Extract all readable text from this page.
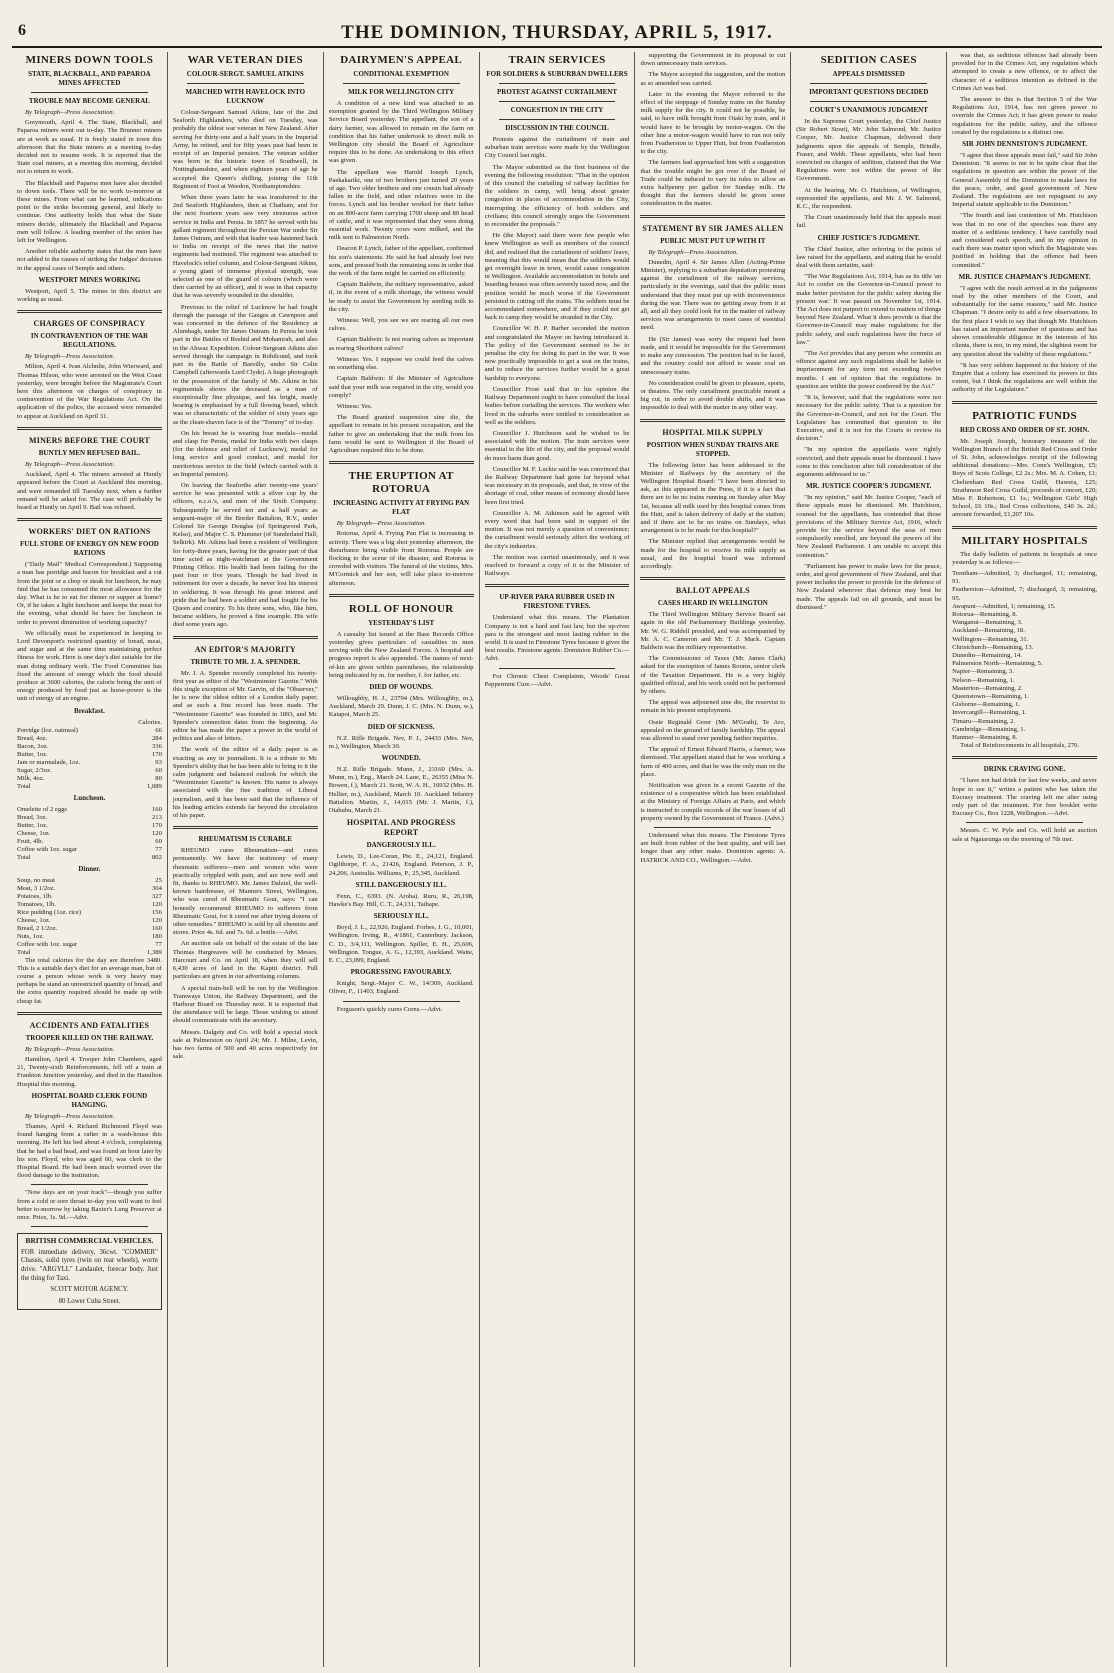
6	THE DOMINION, THURSDAY, APRIL 5, 1917.
MINERS DOWN TOOLS
STATE, BLACKBALL, AND PAPAROA MINES AFFECTED
TROUBLE MAY BECOME GENERAL

By Telegraph—Press Association.

Greymouth, April 4. The State, Blackball, and Paparoa miners went out to-day. The Brunner miners are at work as usual. It is freely stated in town this afternoon that the State miners at a meeting to-day decided not to resume work. It is reported that the State coal miners, at a meeting this morning, decided not to return to work.

The Blackball and Paparoa men have also decided to down tools. There will be no work to-morrow at these mines. From what can be learned, indications point to the strike becoming general, and likely to continue. One authority holds that what the State miners decide, ultimately the Blackball and Paparoa men will follow. A leading member of the union has left for Wellington.

Another reliable authority states that the men have not added to the causes of striking the Judges' decision in the appeal cases of Semple and others.

WESTPORT MINES WORKING

Westport, April 5. The mines in this district are working as usual.

CHARGES OF CONSPIRACY
IN CONTRAVENTION OF THE WAR REGULATIONS.

By Telegraph—Press Association.

Milton, April 4. Ivan Alchnlie, John Wierward, and Thomas Hilson, who were arrested on the West Coast yesterday, were brought before the Magistrate's Court here this afternoon on charges of conspiracy in contravention of the War Regulations Act. On the application of the police, the accused were remanded to appear at Auckland on April 31.

MINERS BEFORE THE COURT
BUNTLY MEN REFUSED BAIL.

By Telegraph—Press Association.

Auckland, April 4. The miners arrested at Huntly appeared before the Court at Auckland this morning, and were remanded till Tuesday next, when a further remand will be asked for. The case will probably be heard at Huntly on April 9. Bail was refused.

WORKERS' DIET ON RATIONS
FULL STORE OF ENERGY ON NEW FOOD RATIONS

("Daily Mail" Medical Correspondent.) Supposing a man has porridge and bacon for breakfast and a cut from the joint or a chop or steak for luncheon, he may find that he has consumed the most allowance for the day. What is he to eat for dinner or supper at home? Or, if he takes a light luncheon and keeps the meat for the evening, what should he have for luncheon in order to prevent diminution of working capacity?

We officially must be experienced in keeping to Lord Devonport's restricted quantity of bread, meat, and sugar and at the same time maintaining perfect fitness for work. Here is one day's diet suitable for the man doing ordinary work. The Food Committee has fixed the amount of energy which the food should produce at 3600 calories, the calorie being the unit of energy produced by food just as horse-power is the unit of energy of an engine.

Breakfast.
	Calories.
Porridge (loz. oatmeal)	66
Bread, 4oz.	284
Bacon, 3oz.	336
Butter, 1oz.	170
Jam or marmalade, 1oz.	93
Sugar, 2/3oz.	60
Milk, 4oz.	80
Total	1,089
Luncheon.
Omelette of 2 eggs	160
Bread, 3oz.	213
Butter, 1oz.	170
Cheese, 1oz.	120
Fruit, 4lb.	60
Coffee with 1oz. sugar	77
Total	802
Dinner.
Soup, no meat	25
Meat, 3 1/2oz.	304
Potatoes, 1lb.	327
Tomatoes, 1lb.	120
Rice pudding (1oz. rice)	156
Cheese, 1oz.	120
Bread, 2 1/2oz.	160
Nuts, 1oz.	180
Coffee with 1oz. sugar	77
Total	1,389

The total calories for the day are therefore 3480. This is a suitable day's diet for an average man, but of course a person whose work is very heavy may perhaps be stand an unrestricted quantity of bread, and the extra quantity required should be made up with cheap fat.

ACCIDENTS AND FATALITIES
TROOPER KILLED ON THE RAILWAY.

By Telegraph—Press Association.

Hamilton, April 4. Trooper John Chambers, aged 21, Twenty-sixth Reinforcements, fell off a train at Frankton Junction yesterday, and died in the Hamilton Hospital this morning.

HOSPITAL BOARD CLERK FOUND HANGING.

By Telegraph—Press Association.

Thames, April 4. Richard Richmond Floyd was found hanging from a rafter in a wash-house this morning. He left his bed about 4 o'clock, complaining that he had a bad head, and was found an hour later by his son. Floyd, who was aged 60, was clerk to the Hospital Board. He had been much worried over the flood damage to the institution.

"Now days are on your track"—though you suffer from a cold or sore throat to-day you will want to feel better to-morrow by taking Baxter's Lung Preserver at once. Price, 1s. 9d.—Advt.

BRITISH COMMERCIAL VEHICLES.
FOR immediate delivery, 36cwt. "COMMER" Chassis, solid tyres (twin on rear wheels), worm drive. "ARGYLL" Landaulet, forecar body. Just the thing for Taxi.
SCOTT MOTOR AGENCY.
80 Lower Cuba Street.
WAR VETERAN DIES
COLOUR-SERGT. SAMUEL ATKINS
MARCHED WITH HAVELOCK INTO LUCKNOW

Colour-Sergeant Samuel Atkins, late of the 2nd Seaforth Highlanders, who died on Tuesday, was probably the oldest war veteran in New Zealand. After serving for thirty-one and a half years in the Imperial Army, he retired, and for fifty years past had been in receipt of an Imperial pension. The veteran soldier was born in the historic town of Southwell, in Nottinghamshire, and when eighteen years of age he accepted the Queen's shilling, joining the 11th Regiment of Foot at Weedon, Northamptonshire.

When three years later he was transferred to the 2nd Seaforth Highlanders, then at Chatham, and for the next fourteen years saw very strenuous active service in India and Persia. In 1857 he served with his gallant regiment throughout the Persian War under Sir James Outram, and with that leader was hastened back to India on receipt of the news that the native regiments had mutinied. The regiment was attached to Havelock's relief column, and Colour-Sergeant Atkins, a young giant of immense physical strength, was selected as one of the guard of colours (which were then carried by an officer), and it was in that capacity that he was severely wounded in the shoulder.

Previous to the relief of Lucknow he had fought through the passage of the Ganges at Cawnpore and was concerned in the defence of the Residency at Alumbagh, under Sir James Outram. In Persia he took part in the Battles of Reshid and Mohamrah, and also in the Ahwaz Expedition. Colour-Sergeant Atkins also served through the campaign in Rohilcund, and took part in the Battle of Bareilly, under Sir Colin Campbell (afterwards Lord Clyde). A huge photograph in the possession of the family of Mr. Atkins in his regimentals shows the deceased as a man of exceptionally fine physique, and his bright, manly bearing is emphasised by a full flowing beard, which was so characteristic of the soldier of sixty years ago as the clean-shaven face is of the "Tommy" of to-day.

On his breast he is wearing four medals—medal and clasp for Persia, medal for India with two clasps (for the defence and relief of Lucknow), medal for long service and good conduct, and medal for meritorious service in the field (which carried with it an Imperial pension).

On leaving the Seaforths after twenty-one years' service he was presented with a silver cup by the officers, n.c.o.'s, and men of the Sixth Company. Subsequently he served ten and a half years as sergeant-major of the Border Battalion, R.V., under Colonel Sir George Douglas (of Springwood Park, Kelso), and Major C. S. Plummer (of Sunderland Hall, Selkirk). Mr. Atkins had been a resident of Wellington for forty-three years, having for the greater part of that time acted as night-watchman at the Government Printing Office. His health had been failing for the past four or five years. Though he had lived in retirement for over a decade, he never lost his interest in soldiering. It was through his great interest and pride that he had been a soldier and had fought for his Queen and country. To his three sons, who, like him, became soldiers, he proved a fine example. His wife died some years ago.

AN EDITOR'S MAJORITY
TRIBUTE TO MR. J. A. SPENDER.

Mr. J. A. Spender recently completed his twenty-first year as editor of the "Westminster Gazette." With this single exception of Mr. Garvin, of the "Observer," he is now the oldest editor of a London daily paper, and as such a fine record has been made. The "Westminster Gazette" was founded in 1893, and Mr. Spender's connection dates from the beginning. As editor he has made the paper a power in the world of politics and also of letters.

The work of the editor of a daily paper is as exacting as any in journalism. It is a tribute to Mr. Spender's ability that he has been able to bring to it the calm judgment and balanced outlook for which the "Westminster Gazette" is known. His name is always associated with the fine tradition of Liberal journalism, and it has been said that the influence of his leading articles extends far beyond the circulation of his paper.

RHEUMATISM IS CURABLE

RHEUMO cures Rheumatism—and cures permanently. We have the testimony of many rheumatic sufferers—men and women who were practically crippled with pain, and are now well and fit, thanks to RHEUMO. Mr. James Dalziel, the well-known hairdresser, of Manners Street, Wellington, who was cured of Rheumatic Gout, says: "I can honestly recommend RHEUMO to sufferers from Rheumatic Gout, for it cured me after trying dozens of other remedies." RHEUMO is sold by all chemists and stores. Price 4s. 6d. and 7s. 6d. a bottle.—Advt.

An auction sale on behalf of the estate of the late Thomas Hargreaves will be conducted by Messrs. Harcourt and Co. on April 18, when they will sell 6,430 acres of land in the Kapiti district. Full particulars are given in our advertising columns.

A special train-bell will be run by the Wellington Tramways Union, the Railway Department, and the Harbour Board on Thursday next. It is expected that the attendance will be large. Those wishing to attend should communicate with the secretary.

Messrs. Dalgety and Co. will hold a special stock sale at Palmerston on April 24; Mr. J. Milne, Levin, has two farms of 500 and 40 acres respectively for sale.

DAIRYMEN'S APPEAL
CONDITIONAL EXEMPTION
MILK FOR WELLINGTON CITY

A condition of a new kind was attached to an exemption granted by the Third Wellington Military Service Board yesterday. The appellant, the son of a dairy farmer, was allowed to remain on the farm on condition that his father undertook to direct milk to Wellington city should the Board of Agriculture require this to be done. An undertaking to this effect was given.

The appellant was Harold Joseph Lynch, Paekakariki, one of two brothers just turned 20 years of age. Two older brothers and one cousin had already fallen in the field, and other relatives were in the forces. Lynch and his brother worked for their father on an 800-acre farm carrying 1700 sheep and 80 head of cattle, and it was represented that they were doing essential work. Twenty cows were milked, and the milk sent to Palmerston North.

Deacon P. Lynch, father of the appellant, confirmed his son's statements. He said he had already lost two sons, and pressed both the remaining sons in order that the work of the farm might be carried on efficiently.

Captain Baldwin, the military representative, asked if, in the event of a milk shortage, the witness would be ready to assist the Government by sending milk to the city.

Witness: Well, you see we are rearing all our own calves.

Captain Baldwin: Is not rearing calves as important as rearing Shorthorn calves?

Witness: Yes. I suppose we could feed the calves on something else.

Captain Baldwin: If the Minister of Agriculture said that your milk was required in the city, would you comply?

Witness: Yes.

The Board granted suspension sine die, the appellant to remain in his present occupation, and the father to give an undertaking that the milk from his farm would be sent to Wellington if the Board of Agriculture required this to be done.

THE ERUPTION AT ROTORUA
INCREASING ACTIVITY AT FRYING PAN FLAT

By Telegraph—Press Association.

Rotorua, April 4. Frying Pan Flat is increasing in activity. There was a big shot yesterday afternoon, the disturbance being visible from Rotorua. People are flocking to the scene of the disaster, and Rotorua is crowded with visitors. The funeral of the victims, Mrs. M'Cormick and her son, will take place to-morrow afternoon.

ROLL OF HONOUR
YESTERDAY'S LIST

A casualty list issued at the Base Records Office yesterday gives particulars of casualties in men serving with the New Zealand Forces. A hospital and progress report is also appended. The names of next-of-kin are given within parentheses, the relationship being indicated by m. for mother, f. for father, etc.

DIED OF WOUNDS.

Willoughby, H. J., 23794 (Mrs. Willoughby, m.), Auckland, March 29. Dunn, J. C. (Mrs. N. Dunn, w.), Kaiapoi, March 25.

DIED OF SICKNESS.

N.Z. Rifle Brigade. Nev, P. J., 24433 (Mrs. Nev, m.), Wellington, March 30.

WOUNDED.

N.Z. Rifle Brigade. Munn, J., 23160 (Mrs. A. Munn, m.), Eng., March 24. Lane, E., 26355 (Miss N. Bowen, f.), March 21. Scott, W. A. H., 16932 (Mrs. H. Hellier, m.), Auckland, March 10. Auckland Infantry Battalion. Martin, J., 14,015 (Mr. J. Martin, f.), Otahuhu, March 21.

HOSPITAL AND PROGRESS REPORT
DANGEROUSLY ILL.

Lewis, D., Lee-Coran, Pte. E., 24,121, England. Ogilthorpe, F. A., 21426, England. Peterson, J. P., 24,206, Australia. Williams, P., 25,345, Auckland.

STILL DANGEROUSLY ILL.

Fenn, C., 6393. (N. Aroha). Ruru, R., 26,198, Hawke's Bay. Hill, C. T., 24,131, Taihape.

SERIOUSLY ILL.

Boyd, J. L., 22,926, England. Forbes, J. G., 10,001, Wellington. Irving, R., 4/1861, Canterbury. Jackson, C. D., 3/4,111, Wellington. Spiller, E. H., 25,606, Wellington. Tongue, A. G., 12,393, Auckland. Waite, E. C., 23,099, England.

PROGRESSING FAVOURABLY.

Knight, Sergt.-Major C. W., 14/309, Auckland. Oliver, F., 11403, England.

Ferguson's quickly cures Corns.—Advt.

TRAIN SERVICES
FOR SOLDIERS & SUBURBAN DWELLERS
PROTEST AGAINST CURTAILMENT
CONGESTION IN THE CITY
DISCUSSION IN THE COUNCIL

Protests against the curtailment of train and suburban train services were made by the Wellington City Council last night.

The Mayor submitted as the first business of the evening the following resolution: "That in the opinion of this council the curtailing of railway facilities for the soldiers in camp, will bring about greater congestion in places of accommodation in the City, interrupting the efficiency of both soldiers and civilians; this council strongly urges the Government to reconsider the proposals."

He (the Mayor) said there were few people who knew Wellington as well as members of the council did, and realised that the curtailment of soldiers' leave, meaning that this would mean that the soldiers would get overnight leave in town, would cause congestion in Wellington. Available accommodation in hotels and boarding houses was often severely taxed now, and the position would be much worse if the Government persisted in cutting off the trains. The soldiers must be accommodated somewhere, and if they could not get back to camp they would be stranded in the City.

Councillor W. H. P. Barber seconded the motion and congratulated the Mayor on having introduced it. The policy of the Government seemed to be to penalise the city for doing its part in the war. It was now practically impossible to get a seat on the trains, and to reduce the services further would be a great hardship to everyone.

Councillor Frost said that in his opinion the Railway Department ought to have consulted the local bodies before curtailing the services. The workers who lived in the suburbs were entitled to consideration as well as the soldiers.

Councillor J. Hutcheson said he wished to be associated with the motion. The train services were essential to the life of the city, and the proposal would do more harm than good.

Councillor M. F. Luckie said he was convinced that the Railway Department had gone far beyond what was necessary in its proposals, and that, in view of the shortage of coal, other means of economy should have been first tried.

Councillor A. M. Atkinson said he agreed with every word that had been said in support of the motion. It was not merely a question of convenience; the curtailment would seriously affect the working of the city's industries.

The motion was carried unanimously, and it was resolved to forward a copy of it to the Minister of Railways.

UP-RIVER PARA RUBBER USED IN FIRESTONE TYRES.

Understand what this means. The Plantation Company is not a hard and fast law, but the up-river para is the strongest and most lasting rubber in the world. It is used in Firestone Tyres because it gives the best results. Firestone agents: Dominion Rubber Co.—Advt.

For Chronic Chest Complaints, Woods' Great Peppermint Cure.—Advt.

supporting the Government in its proposal to cut down unnecessary train services.

The Mayor accepted the suggestion, and the motion as so amended was carried.

Later in the evening the Mayor referred to the effect of the stoppage of Sunday trains on the Sunday milk supply for the city. It could not be possible, he said, to have milk brought from Otaki by train, and it would have to be brought by motor-wagon. On the other line a motor-wagon would have to run not only from Featherston to Upper Hutt, but from Featherston to the city.

The farmers had approached him with a suggestion that the trouble might be got over if the Board of Trade could be induced to vary its rules to allow an extra halfpenny per gallon for Sunday milk. He thought that the farmers should be given some consideration in the matter.

STATEMENT BY SIR JAMES ALLEN
PUBLIC MUST PUT UP WITH IT

By Telegraph—Press Association.

Dunedin, April 4. Sir James Allen (Acting-Prime Minister), replying to a suburban deputation protesting against the curtailment of the railway services, particularly in the evenings, said that the public must understand that they must put up with inconvenience during the war. There was no getting away from it at all, and all they could look for in the matter of railway services was arrangements to meet cases of essential need.

He (Sir James) was sorry the request had been made, and it would be impossible for the Government to make any concession. The position had to be faced, and the country could not afford to waste coal on unnecessary trains.

No consideration could be given to pleasure, sports, or theatres. The only curtailment practicable meant a big cut, in order to avoid double shifts, and it was impossible to deal with the matter in any other way.

HOSPITAL MILK SUPPLY
POSITION WHEN SUNDAY TRAINS ARE STOPPED.

The following letter has been addressed to the Minister of Railways by the secretary of the Wellington Hospital Board: "I have been directed to ask, as this appeared in the Press, if it is a fact that there are to be no trains running on Sunday after May 1st, because all milk used by this hospital comes from the Hutt, and is taken delivery of daily at the station; and if there are to be no trains on Sundays, what arrangement is to be made for this hospital?"

The Minister replied that arrangements would be made for the hospital to receive its milk supply as usual, and the hospital board was informed accordingly.

BALLOT APPEALS
CASES HEARD IN WELLINGTON

The Third Wellington Military Service Board sat again in the old Parliamentary Buildings yesterday. Mr. W. G. Riddell presided, and was accompanied by Mr. A. C. Cameron and Mr. T. J. Mack. Captain Baldwin was the military representative.

The Commissioner of Taxes (Mr. James Clark) asked for the exemption of James Rooms, senior clerk of the Taxation Department. He is a very highly qualified official, and his work could not be performed by others.

The appeal was adjourned sine die, the reservist to remain in his present employment.

Ossie Reginald Greer (Mr. M'Grath), Te Aro, appealed on the ground of family hardship. The appeal was allowed to stand over pending further inquiries.

The appeal of Ernest Edward Harris, a farmer, was dismissed. The appellant stated that he was working a farm of 400 acres, and that he was the only man on the place.

Notification was given in a recent Gazette of the existence of a cooperative which has been established at the Ministry of Foreign Affairs at Paris, and which is instructed to compile records of the war losses of all property owned by the Government of France. (Advt.)

Understand what this means. The Firestone Tyres are built from rubber of the best quality, and will last longer than any other make. Dominion agents: A. HATRICK AND CO., Wellington.—Advt.

SEDITION CASES
APPEALS DISMISSED
IMPORTANT QUESTIONS DECIDED
COURT'S UNANIMOUS JUDGMENT

In the Supreme Court yesterday, the Chief Justice (Sir Robert Stout), Mr. John Salmond, Mr. Justice Cooper, Mr. Justice Chapman, delivered their judgments upon the appeals of Semple, Brindle, Fraser, and Webb. These appellants, who had been convicted on charges of sedition, claimed that the War Regulations were not within the power of the Government.

At the hearing, Mr. O. Hutchison, of Wellington, represented the appellants, and Mr. J. W. Salmond, K.C., the respondent.

The Court unanimously held that the appeals must fail.

CHIEF JUSTICE'S JUDGMENT.

The Chief Justice, after referring to the points of law raised for the appellants, and stating that he would deal with them seriatim, said:

"The War Regulations Act, 1914, has as its title 'an Act to confer on the Governor-in-Council power to make better provision for the public safety during the present war.' It was passed on November 1st, 1914. The Act does not purport to extend to matters of things beyond New Zealand. What it does provide is that the Governor-in-Council may make regulations for the public safety, and such regulations have the force of law."

"The Act provides that any person who commits an offence against any such regulations shall be liable to imprisonment for any term not exceeding twelve months. I am of opinion that the regulations in question are within the power conferred by the Act."

"It is, however, said that the regulations were not necessary for the public safety. That is a question for the Governor-in-Council, and not for the Court. The Legislature has committed that question to the Executive, and it is not for the Courts to review its decision."

"In my opinion the appellants were rightly convicted, and their appeals must be dismissed. I have come to this conclusion after full consideration of the arguments addressed to us."

MR. JUSTICE COOPER'S JUDGMENT.

"In my opinion," said Mr. Justice Cooper, "each of these appeals must be dismissed. Mr. Hutchison, counsel for the appellants, has contended that those provisions of the Military Service Act, 1916, which provide for the service beyond the seas of men compulsorily enrolled, are beyond the powers of the New Zealand Parliament. I am unable to accept this contention."

"Parliament has power to make laws for the peace, order, and good government of New Zealand, and that power includes the power to provide for the defence of New Zealand wherever that defence may best be made. The appeals fail on all grounds, and must be dismissed."

was that, as seditious offences had already been provided for in the Crimes Act, any regulation which attempted to create a new offence, or to affect the character of a seditious intention as defined in the Crimes Act was bad.

The answer to this is that Section 5 of the War Regulations Act, 1914, has not given power to override the Crimes Act; it has given power to make regulations for the public safety, and the offence created by the regulations is a distinct one.

SIR JOHN DENNISTON'S JUDGMENT.

"I agree that these appeals must fail," said Sir John Denniston. "It seems to me to be quite clear that the regulations in question are within the power of the General Assembly of the Dominion to make laws for the peace, order, and good government of New Zealand. The regulations are not repugnant to any Imperial statute applicable to the Dominion."

"The fourth and last contention of Mr. Hutchison was that in no one of the speeches was there any matter of a seditious tendency. I have carefully read and considered each speech, and in my opinion in each there was matter upon which the Magistrate was justified in holding that the offence had been committed."

MR. JUSTICE CHAPMAN'S JUDGMENT.

"I agree with the result arrived at in the judgments read by the other members of the Court, and substantially for the same reasons," said Mr. Justice Chapman. "I desire only to add a few observations. In the first place I wish to say that though Mr. Hutchison has raised an important number of questions and has shown considerable diligence in the interests of his clients, there is not, in my mind, the slightest room for any question about the validity of these regulations."

"It has very seldom happened in the history of the Empire that a colony has exercised its powers to this extent, but I think the regulations are well within the authority of the Legislature."

PATRIOTIC FUNDS
RED CROSS AND ORDER OF ST. JOHN.

Mr. Joseph Joseph, honorary treasurer of the Wellington Branch of the British Red Cross and Order of St. John, acknowledges receipt of the following additional donations:—Mrs. Conn's Wellington, £5; Boys of Scots College, £2 2s.; Mrs. M. A. Cohen, £1; Cheltenham Red Cross Guild, Hawera, £25; Strathmore Red Cross Guild, proceeds of concert, £20; Miss F. Robertson, £1 1s.; Wellington Girls' High School, £6 10s.; Red Cross collections, £40 3s. 2d.; amount forwarded, £1,207 10s.

MILITARY HOSPITALS

The daily bulletin of patients in hospitals at once yesterday is as follows:—

Trentham—Admitted, 3; discharged, 11; remaining, 91.
Featherston—Admitted, 7; discharged, 3; remaining, 95.
Awapuni—Admitted, 1; remaining, 15.
Rotorua—Remaining, 8.
Wanganui—Remaining, 3.
Auckland—Remaining, 18.
Wellington—Remaining, 31.
Christchurch—Remaining, 13.
Dunedin—Remaining, 14.
Palmerston North—Remaining, 5.
Napier—Remaining, 3.
Nelson—Remaining, 1.
Masterton—Remaining, 2.
Queenstown—Remaining, 1.
Gisborne—Remaining, 1.
Invercargill—Remaining, 1.
Timaru—Remaining, 2.
Cambridge—Remaining, 1.
Hanmer—Remaining, 8.

Total of Reinforcements in all hospitals, 270.

DRINK CRAVING GONE.

"I have not had drink for last few weeks, and never hope to see it," writes a patient who has taken the Eucrasy treatment. The craving left me after using only part of the treatment. For free booklet write Eucrasy Co., Box 1228, Wellington.—Advt.

Messrs. C. W. Pyle and Co. will hold an auction sale at Ngaiarunga on the morning of 7th inst.
